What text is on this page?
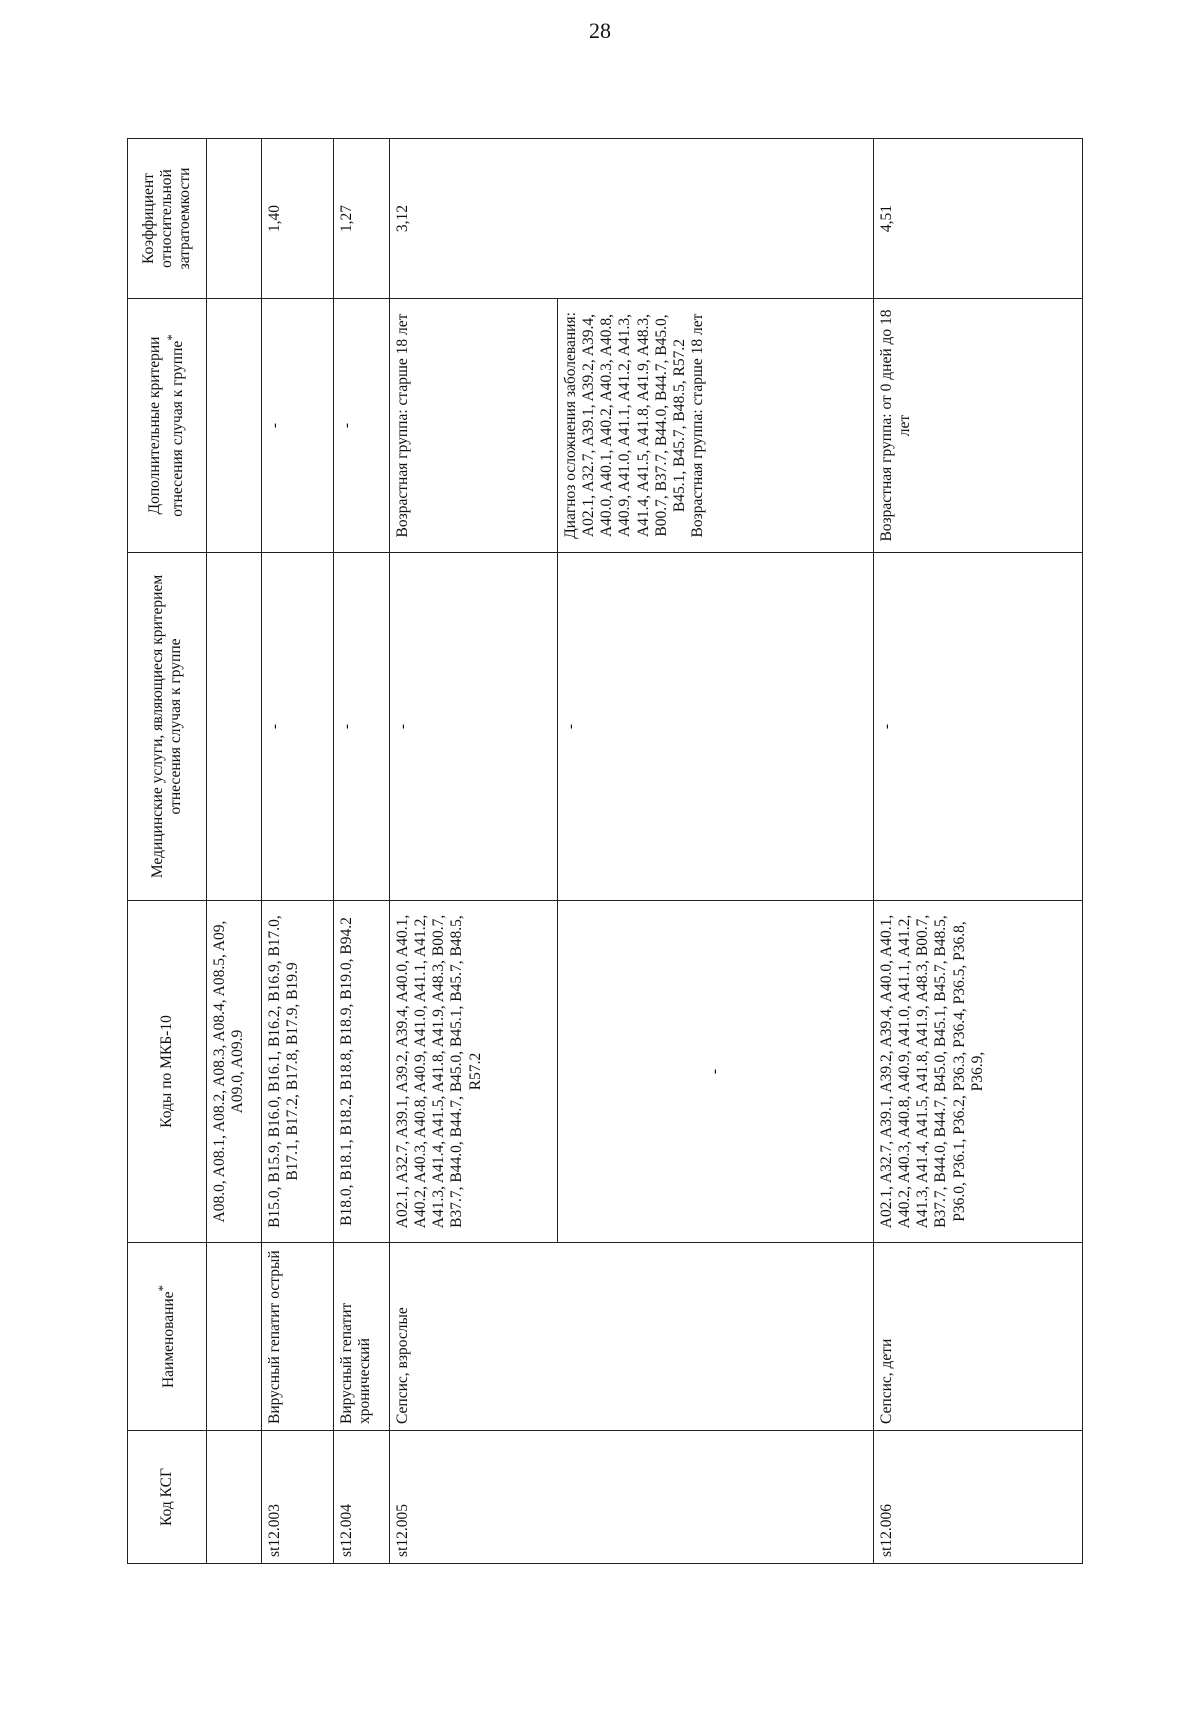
28
Код КСГ	Наименование*	Коды по МКБ-10	Медицинские услуги, являющиеся критерием отнесения случая к группе	Дополнительные критерии отнесения случая к группе*	Коэффициент относительной затратоемкости
		A08.0, A08.1, A08.2, A08.3, A08.4, A08.5, A09, A09.0, A09.9			
st12.003	Вирусный гепатит острый	B15.0, B15.9, B16.0, B16.1, B16.2, B16.9, B17.0, B17.1, B17.2, B17.8, B17.9, B19.9	-	-	1,40
st12.004	Вирусный гепатит хронический	B18.0, B18.1, B18.2, B18.8, B18.9, B19.0, B94.2	-	-	1,27
st12.005	Сепсис, взрослые	A02.1, A32.7, A39.1, A39.2, A39.4, A40.0, A40.1, A40.2, A40.3, A40.8, A40.9, A41.0, A41.1, A41.2, A41.3, A41.4, A41.5, A41.8, A41.9, A48.3, B00.7, B37.7, B44.0, B44.7, B45.0, B45.1, B45.7, B48.5, R57.2	-	Возрастная группа: старше 18 лет	3,12
		-	-	Диагноз осложнения заболевания: A02.1, A32.7, A39.1, A39.2, A39.4, A40.0, A40.1, A40.2, A40.3, A40.8, A40.9, A41.0, A41.1, A41.2, A41.3, A41.4, A41.5, A41.8, A41.9, A48.3, B00.7, B37.7, B44.0, B44.7, B45.0, B45.1, B45.7, B48.5, R57.2 Возрастная группа: старше 18 лет	

st12.006	Сепсис, дети	A02.1, A32.7, A39.1, A39.2, A39.4, A40.0, A40.1, A40.2, A40.3, A40.8, A40.9, A41.0, A41.1, A41.2, A41.3, A41.4, A41.5, A41.8, A41.9, A48.3, B00.7, B37.7, B44.0, B44.7, B45.0, B45.1, B45.7, B48.5, P36.0, P36.1, P36.2, P36.3, P36.4, P36.5, P36.8, P36.9,	-	Возрастная группа: от 0 дней до 18 лет	4,51
